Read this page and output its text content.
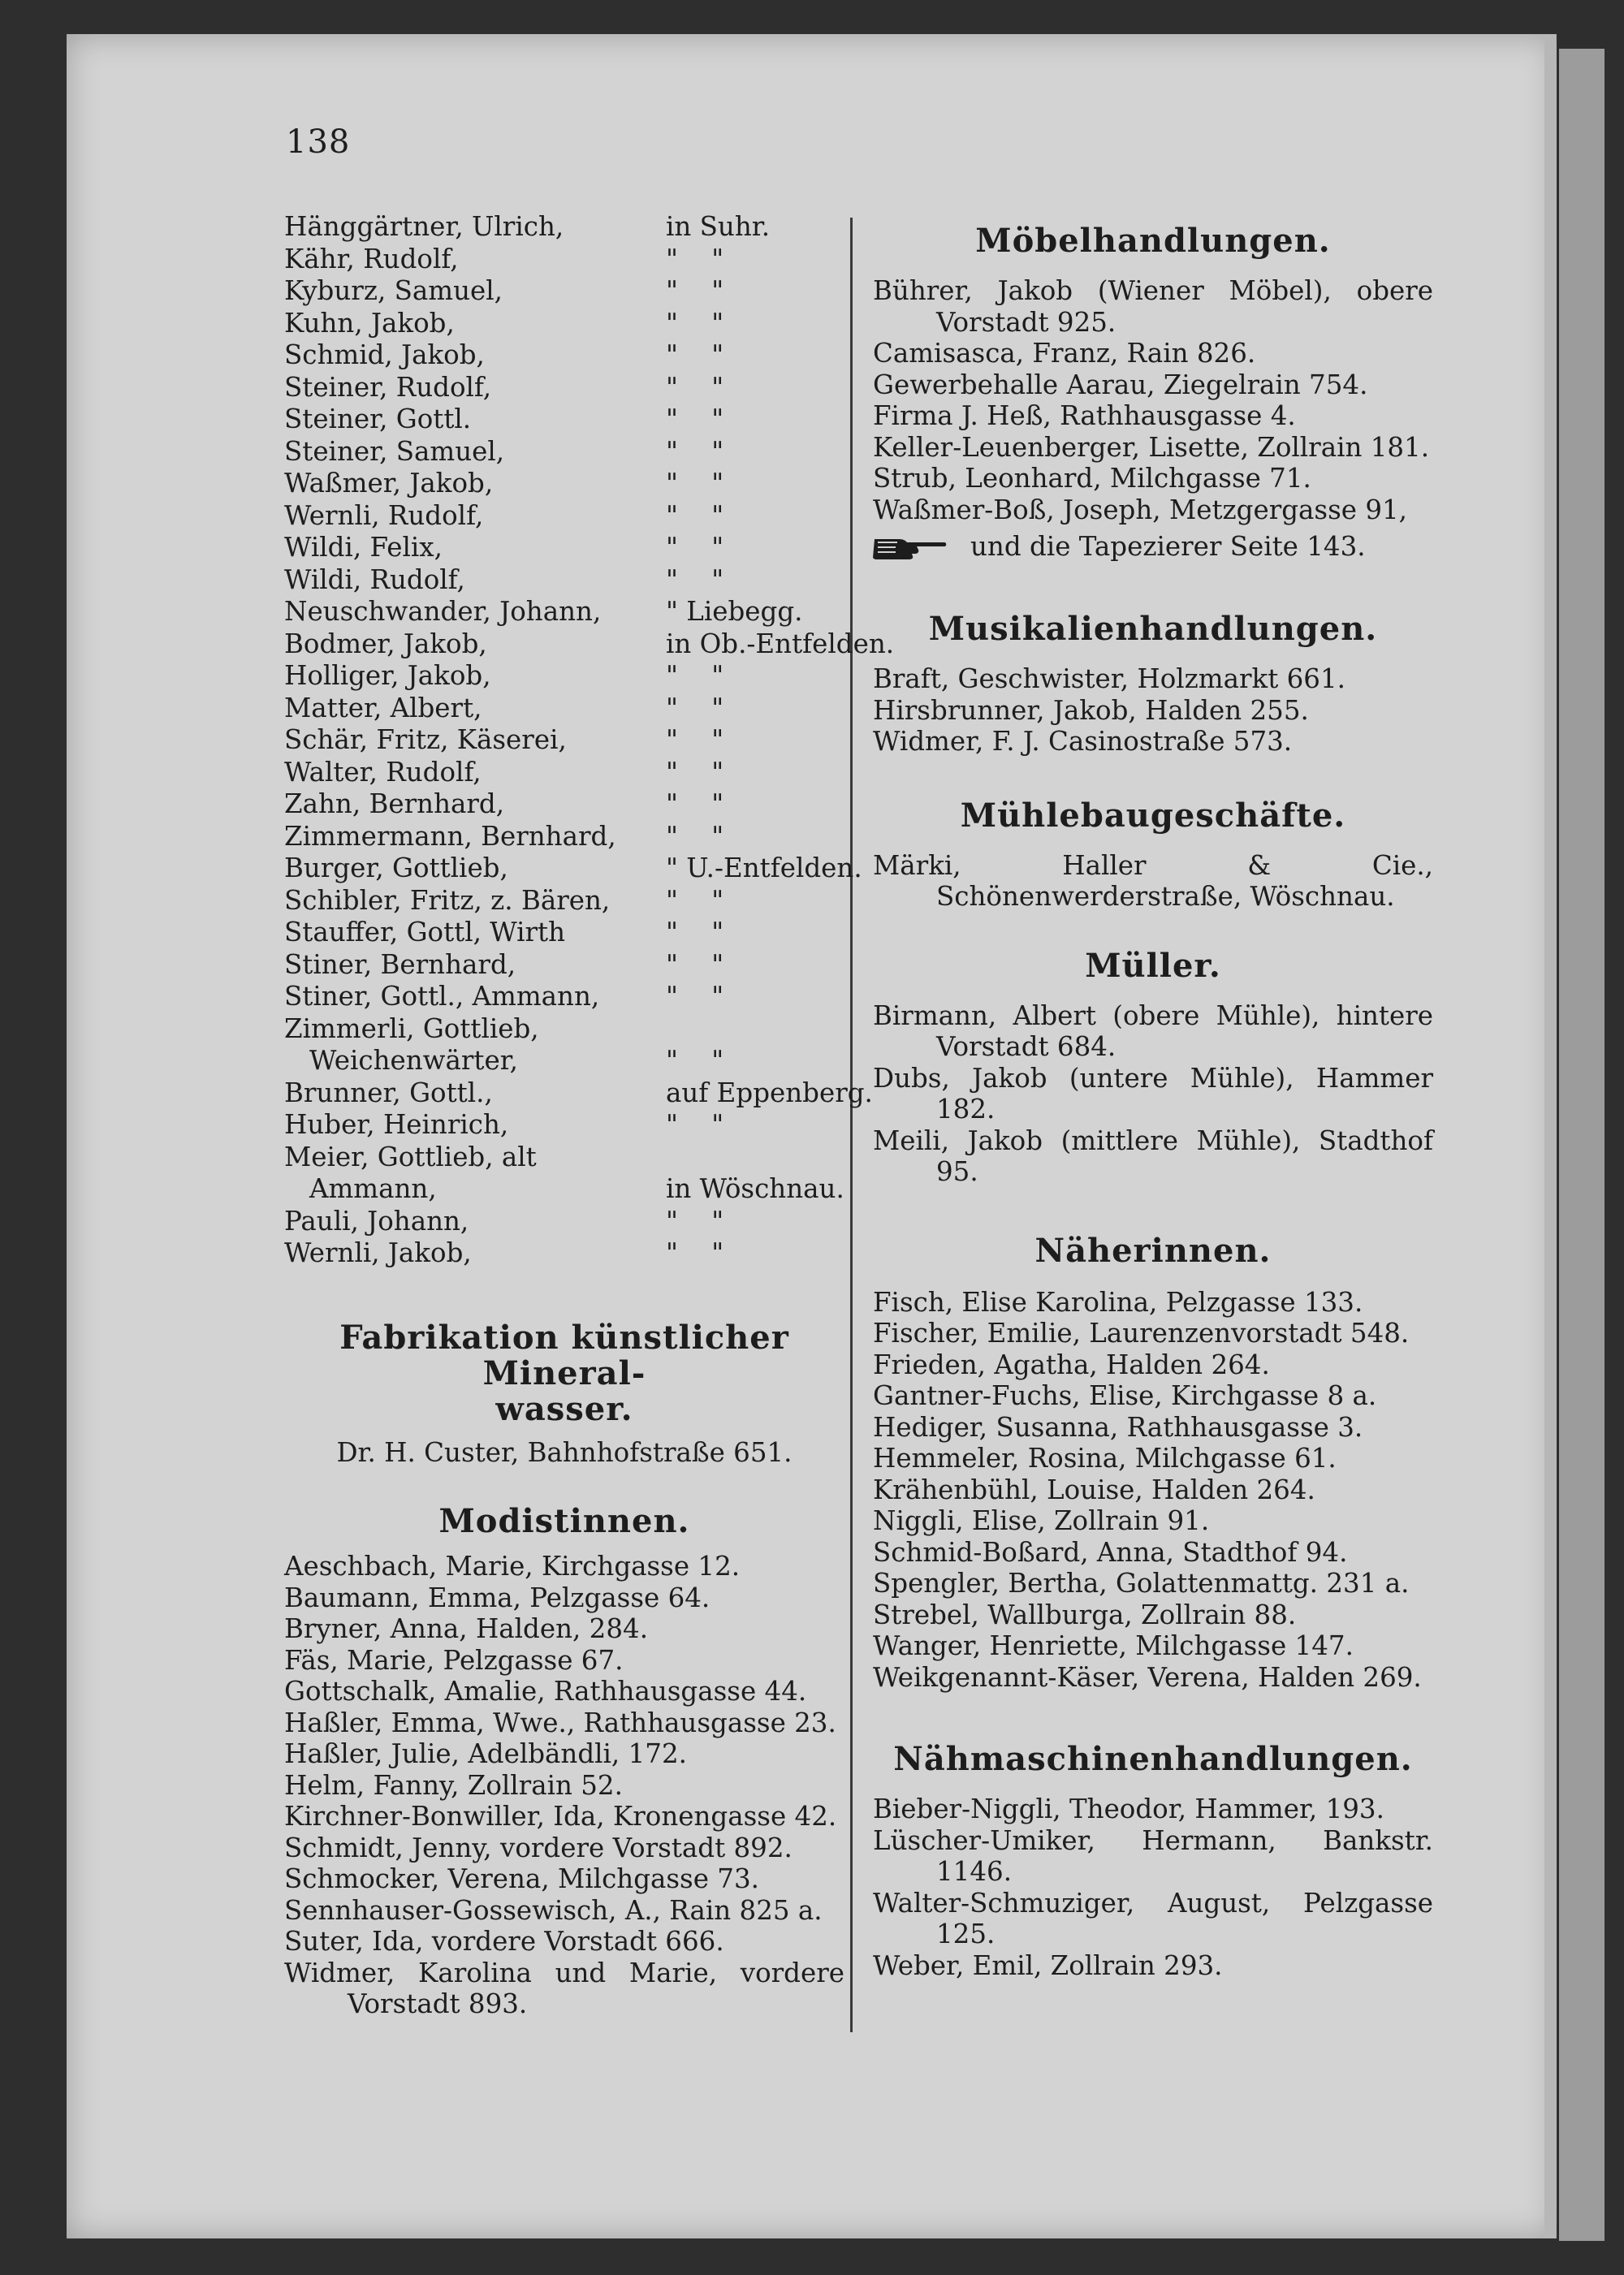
138
Hänggärtner, Ulrich,	in Suhr.
Kähr, Rudolf,	"    "
Kyburz, Samuel,	"    "
Kuhn, Jakob,	"    "
Schmid, Jakob,	"    "
Steiner, Rudolf,	"    "
Steiner, Gottl.	"    "
Steiner, Samuel,	"    "
Waßmer, Jakob,	"    "
Wernli, Rudolf,	"    "
Wildi, Felix,	"    "
Wildi, Rudolf,	"    "
Neuschwander, Johann, " Liebegg.
Bodmer, Jakob,	in Ob.-Entfelden.
Holliger, Jakob,	"    "
Matter, Albert,	"    "
Schär, Fritz, Käserei,	"    "
Walter, Rudolf,	"    "
Zahn, Bernhard,	"    "
Zimmermann, Bernhard, "    "
Burger, Gottlieb,	" U.-Entfelden.
Schibler, Fritz, z. Bären, "    "
Stauffer, Gottl, Wirth	"    "
Stiner, Bernhard,	"    "
Stiner, Gottl., Ammann,	"    "
Zimmerli, Gottlieb,
Weichenwärter,	"    "
Brunner, Gottl.,	auf Eppenberg.
Huber, Heinrich,	"    "
Meier, Gottlieb, alt
Ammann,	in Wöschnau.
Pauli, Johann,	"    "
Wernli, Jakob,	"    "
Fabrikation künstlicher Mineral-
wasser.
Dr. H. Custer, Bahnhofstraße 651.
Modistinnen.
Aeschbach, Marie, Kirchgasse 12.
Baumann, Emma, Pelzgasse 64.
Bryner, Anna, Halden, 284.
Fäs, Marie, Pelzgasse 67.
Gottschalk, Amalie, Rathhausgasse 44.
Haßler, Emma, Wwe., Rathhausgasse 23.
Haßler, Julie, Adelbändli, 172.
Helm, Fanny, Zollrain 52.
Kirchner-Bonwiller, Ida, Kronengasse 42.
Schmidt, Jenny, vordere Vorstadt 892.
Schmocker, Verena, Milchgasse 73.
Sennhauser-Gossewisch, A., Rain 825 a.
Suter, Ida, vordere Vorstadt 666.
Widmer, Karolina und Marie, vordere Vorstadt 893.
Möbelhandlungen.
Bührer, Jakob (Wiener Möbel), obere Vorstadt 925.
Camisasca, Franz, Rain 826.
Gewerbehalle Aarau, Ziegelrain 754.
Firma J. Heß, Rathhausgasse 4.
Keller-Leuenberger, Lisette, Zollrain 181.
Strub, Leonhard, Milchgasse 71.
Waßmer-Boß, Joseph, Metzgergasse 91,
und die Tapezierer Seite 143.
Musikalienhandlungen.
Braft, Geschwister, Holzmarkt 661.
Hirsbrunner, Jakob, Halden 255.
Widmer, F. J. Casinostraße 573.
Mühlebaugeschäfte.
Märki, Haller & Cie., Schönenwerderstraße, Wöschnau.
Müller.
Birmann, Albert (obere Mühle), hintere Vorstadt 684.
Dubs, Jakob (untere Mühle), Hammer 182.
Meili, Jakob (mittlere Mühle), Stadthof 95.
Näherinnen.
Fisch, Elise Karolina, Pelzgasse 133.
Fischer, Emilie, Laurenzenvorstadt 548.
Frieden, Agatha, Halden 264.
Gantner-Fuchs, Elise, Kirchgasse 8 a.
Hediger, Susanna, Rathhausgasse 3.
Hemmeler, Rosina, Milchgasse 61.
Krähenbühl, Louise, Halden 264.
Niggli, Elise, Zollrain 91.
Schmid-Boßard, Anna, Stadthof 94.
Spengler, Bertha, Golattenmattg. 231 a.
Strebel, Wallburga, Zollrain 88.
Wanger, Henriette, Milchgasse 147.
Weikgenannt-Käser, Verena, Halden 269.
Nähmaschinenhandlungen.
Bieber-Niggli, Theodor, Hammer, 193.
Lüscher-Umiker, Hermann, Bankstr. 1146.
Walter-Schmuziger, August, Pelzgasse 125.
Weber, Emil, Zollrain 293.
